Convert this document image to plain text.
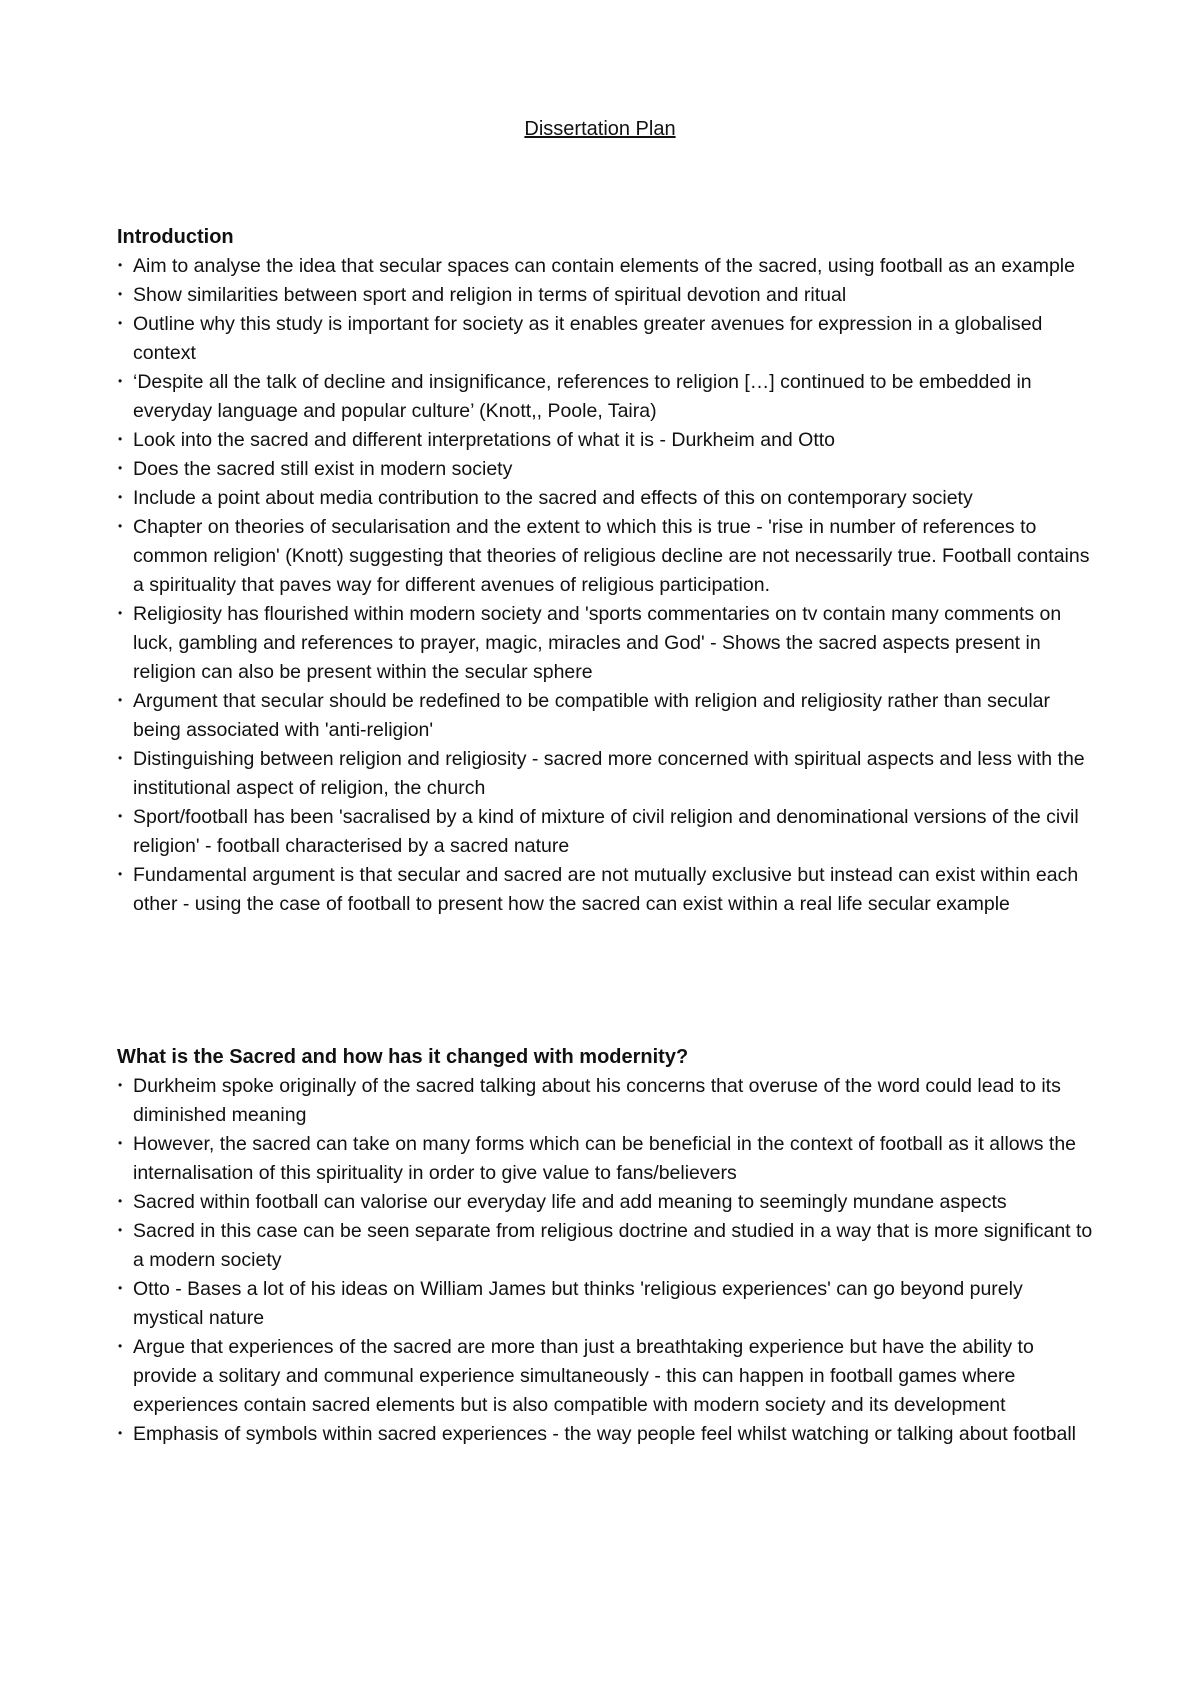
Dissertation Plan
Introduction
• Aim to analyse the idea that secular spaces can contain elements of the sacred, using football as an example
• Show similarities between sport and religion in terms of spiritual devotion and ritual
• Outline why this study is important for society as it enables greater avenues for expression in a globalised context
• ‘Despite all the talk of decline and insignificance, references to religion […] continued to be embedded in everyday language and popular culture’ (Knott,, Poole, Taira)
• Look into the sacred and different interpretations of what it is - Durkheim and Otto
• Does the sacred still exist in modern society
• Include a point about media contribution to the sacred and effects of this on contemporary society
• Chapter on theories of secularisation and the extent to which this is true - 'rise in number of references to common religion' (Knott) suggesting that theories of religious decline are not necessarily true. Football contains a spirituality that paves way for different avenues of religious participation.
• Religiosity has flourished within modern society and 'sports commentaries on tv contain many comments on luck, gambling and references to prayer, magic, miracles and God' - Shows the sacred aspects present in religion can also be present within the secular sphere
• Argument that secular should be redefined to be compatible with religion and religiosity rather than secular being associated with 'anti-religion'
• Distinguishing between religion and religiosity - sacred more concerned with spiritual aspects and less with the institutional aspect of religion, the church
• Sport/football has been 'sacralised by a kind of mixture of civil religion and denominational versions of the civil religion' - football characterised by a sacred nature
• Fundamental argument is that secular and sacred are not mutually exclusive but instead can exist within each other - using the case of football to present how the sacred can exist within a real life secular example
What is the Sacred and how has it changed with modernity?
• Durkheim spoke originally of the sacred talking about his concerns that overuse of the word could lead to its diminished meaning
• However, the sacred can take on many forms which can be beneficial in the context of football as it allows the internalisation of this spirituality in order to give value to fans/believers
• Sacred within football can valorise our everyday life and add meaning to seemingly mundane aspects
• Sacred in this case can be seen separate from religious doctrine and studied in a way that is more significant to a modern society
• Otto - Bases a lot of his ideas on William James but thinks 'religious experiences' can go beyond purely mystical nature
• Argue that experiences of the sacred are more than just a breathtaking experience but have the ability to provide a solitary and communal experience simultaneously - this can happen in football games where experiences contain sacred elements but is also compatible with modern society and its development
• Emphasis of symbols within sacred experiences - the way people feel whilst watching or talking about football
